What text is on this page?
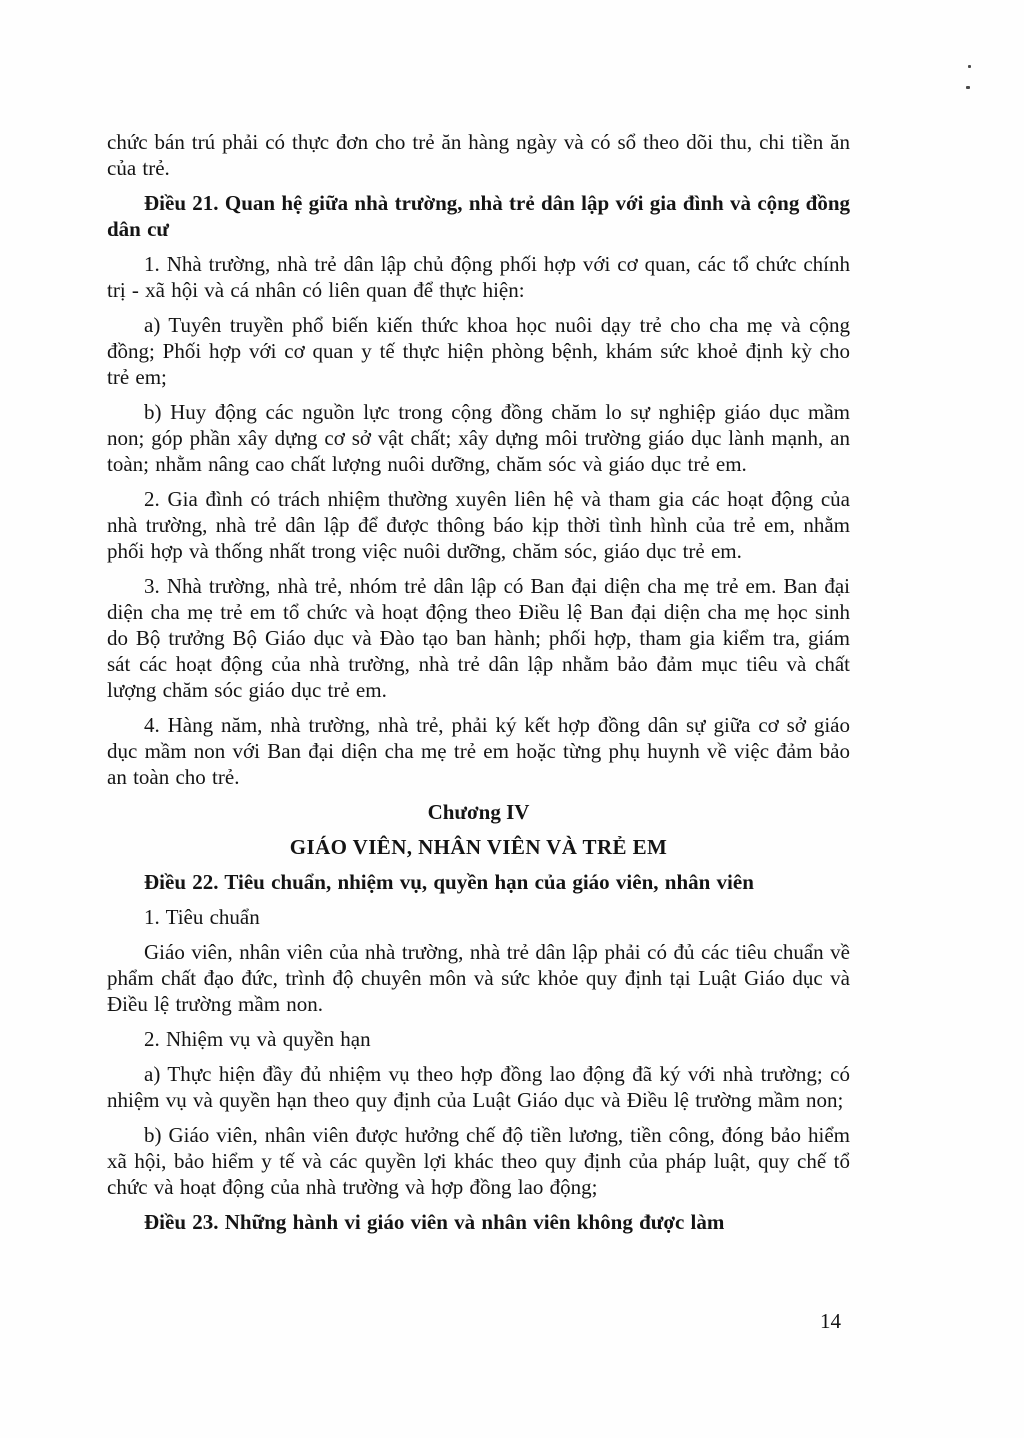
chức bán trú phải có thực đơn cho trẻ ăn hàng ngày và có sổ theo dõi thu, chi tiền ăn của trẻ.

Điều 21. Quan hệ giữa nhà trường, nhà trẻ dân lập với gia đình và cộng đồng dân cư

1. Nhà trường, nhà trẻ dân lập chủ động phối hợp với cơ quan, các tổ chức chính trị - xã hội và cá nhân có liên quan để thực hiện:

a) Tuyên truyền phổ biến kiến thức khoa học nuôi dạy trẻ cho cha mẹ và cộng đồng; Phối hợp với cơ quan y tế thực hiện phòng bệnh, khám sức khoẻ định kỳ cho trẻ em;

b) Huy động các nguồn lực trong cộng đồng chăm lo sự nghiệp giáo dục mầm non; góp phần xây dựng cơ sở vật chất; xây dựng môi trường giáo dục lành mạnh, an toàn; nhằm nâng cao chất lượng nuôi dưỡng, chăm sóc và giáo dục trẻ em.

2. Gia đình có trách nhiệm thường xuyên liên hệ và tham gia các hoạt động của nhà trường, nhà trẻ dân lập để được thông báo kịp thời tình hình của trẻ em, nhằm phối hợp và thống nhất trong việc nuôi dưỡng, chăm sóc, giáo dục trẻ em.

3. Nhà trường, nhà trẻ, nhóm trẻ dân lập có Ban đại diện cha mẹ trẻ em. Ban đại diện cha mẹ trẻ em tổ chức và hoạt động theo Điều lệ Ban đại diện cha mẹ học sinh do Bộ trưởng Bộ Giáo dục và Đào tạo ban hành; phối hợp, tham gia kiểm tra, giám sát các hoạt động của nhà trường, nhà trẻ dân lập nhằm bảo đảm mục tiêu và chất lượng chăm sóc giáo dục trẻ em.

4. Hàng năm, nhà trường, nhà trẻ, phải ký kết hợp đồng dân sự giữa cơ sở giáo dục mầm non với Ban đại diện cha mẹ trẻ em hoặc từng phụ huynh về việc đảm bảo an toàn cho trẻ.

Chương IV

GIÁO VIÊN, NHÂN VIÊN VÀ TRẺ EM

Điều 22. Tiêu chuẩn, nhiệm vụ, quyền hạn của giáo viên, nhân viên

1. Tiêu chuẩn

Giáo viên, nhân viên của nhà trường, nhà trẻ dân lập phải có đủ các tiêu chuẩn về phẩm chất đạo đức, trình độ chuyên môn và sức khỏe quy định tại Luật Giáo dục và Điều lệ trường mầm non.

2. Nhiệm vụ và quyền hạn

a) Thực hiện đầy đủ nhiệm vụ theo hợp đồng lao động đã ký với nhà trường; có nhiệm vụ và quyền hạn theo quy định của Luật Giáo dục và Điều lệ trường mầm non;

b) Giáo viên, nhân viên được hưởng chế độ tiền lương, tiền công, đóng bảo hiểm xã hội, bảo hiểm y tế và các quyền lợi khác theo quy định của pháp luật, quy chế tổ chức và hoạt động của nhà trường và hợp đồng lao động;

Điều 23. Những hành vi giáo viên và nhân viên không được làm

14
